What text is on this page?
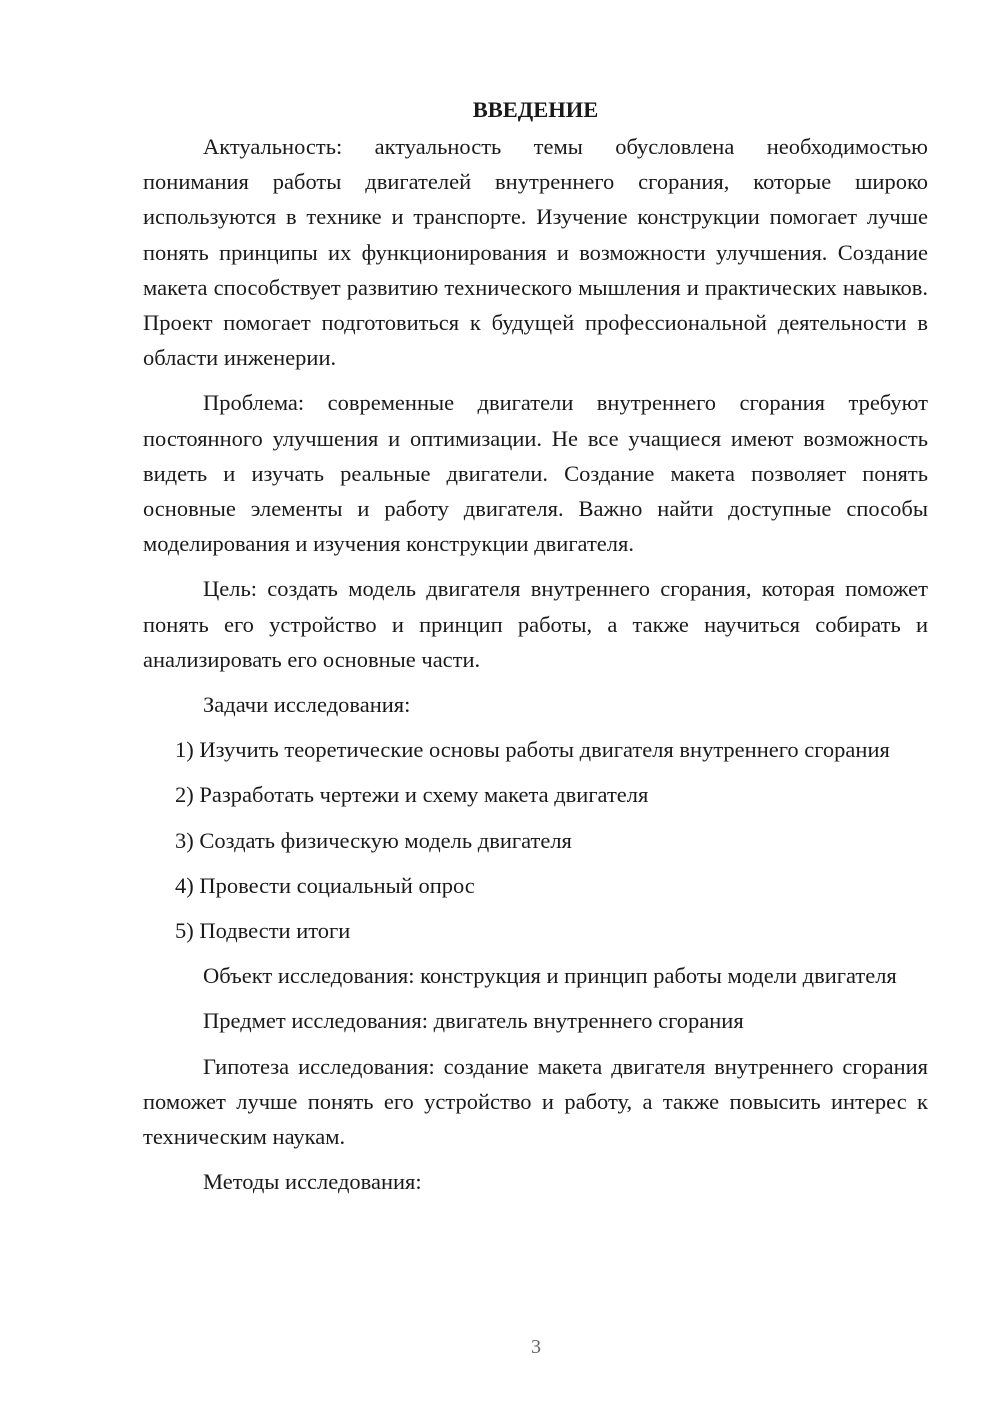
ВВЕДЕНИЕ

Актуальность: актуальность темы обусловлена необходимостью понимания работы двигателей внутреннего сгорания, которые широко используются в технике и транспорте. Изучение конструкции помогает лучше понять принципы их функционирования и возможности улучшения. Создание макета способствует развитию технического мышления и практических навыков. Проект помогает подготовиться к будущей профессиональной деятельности в области инженерии.

Проблема: современные двигатели внутреннего сгорания требуют постоянного улучшения и оптимизации. Не все учащиеся имеют возможность видеть и изучать реальные двигатели. Создание макета позволяет понять основные элементы и работу двигателя. Важно найти доступные способы моделирования и изучения конструкции двигателя.

Цель: создать модель двигателя внутреннего сгорания, которая поможет понять его устройство и принцип работы, а также научиться собирать и анализировать его основные части.

Задачи исследования:

1) Изучить теоретические основы работы двигателя внутреннего сгорания

2) Разработать чертежи и схему макета двигателя

3) Создать физическую модель двигателя

4) Провести социальный опрос

5) Подвести итоги

Объект исследования: конструкция и принцип работы модели двигателя

Предмет исследования: двигатель внутреннего сгорания

Гипотеза исследования: создание макета двигателя внутреннего сгорания поможет лучше понять его устройство и работу, а также повысить интерес к техническим наукам.

Методы исследования:

3
